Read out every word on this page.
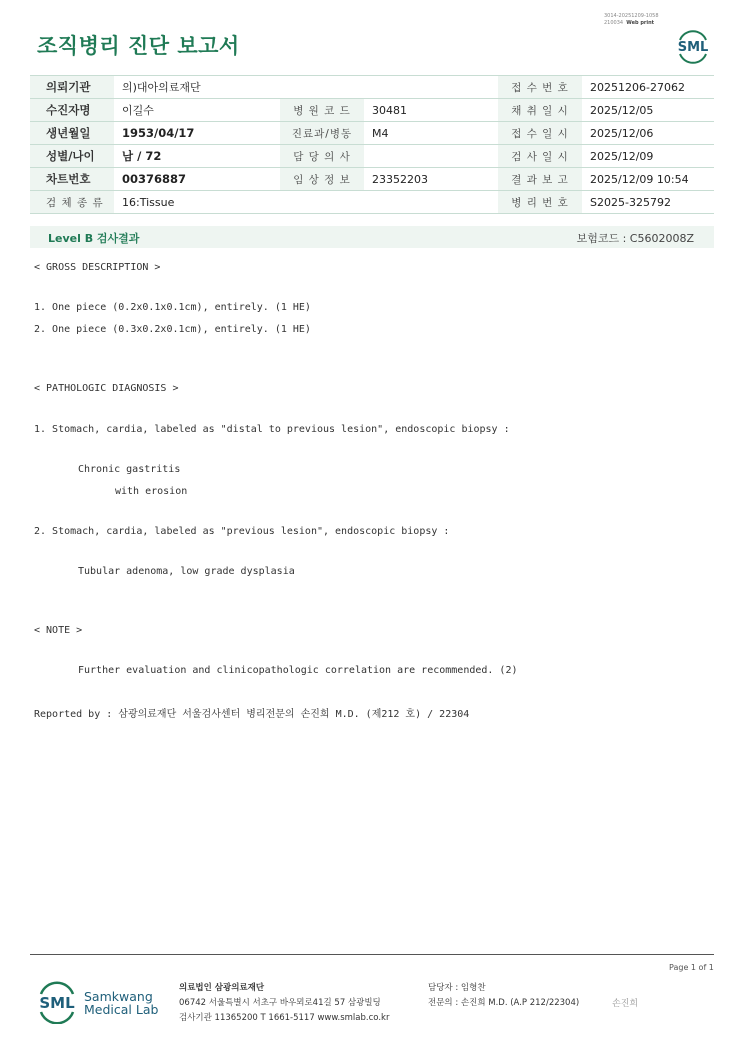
3014-20251209-1058
210034 Web print
조직병리 진단 보고서	SML
의뢰기관	의)대아의료재단			접 수 번 호	20251206-27062
수진자명	이길수	병 원 코 드	30481	채 취 일 시	2025/12/05
생년월일	1953/04/17	진료과/병동	M4	접 수 일 시	2025/12/06
성별/나이	남 / 72	담 당 의 사		검 사 일 시	2025/12/09
차트번호	00376887	임 상 정 보	23352203	결 과 보 고	2025/12/09 10:54
검 체 종 류	16:Tissue			병 리 번 호	S2025-325792
Level B 검사결과	보험코드 : C5602008Z
< GROSS DESCRIPTION >
1. One piece (0.2x0.1x0.1cm), entirely. (1 HE)
2. One piece (0.3x0.2x0.1cm), entirely. (1 HE)
< PATHOLOGIC DIAGNOSIS >
1. Stomach, cardia, labeled as "distal to previous lesion", endoscopic biopsy :
Chronic gastritis
with erosion
2. Stomach, cardia, labeled as "previous lesion", endoscopic biopsy :
Tubular adenoma, low grade dysplasia
< NOTE >
Further evaluation and clinicopathologic correlation are recommended. (2)
Reported by : 삼광의료재단 서울검사센터 병리전문의 손진희 M.D. (제212 호) / 22304
Page 1 of 1
SML Samkwang
Medical Lab
의료법인 삼광의료재단
06742 서울특별시 서초구 바우뫼로41길 57 삼광빌딩
검사기관 11365200 T 1661-5117 www.smlab.co.kr
담당자 : 임형찬
전문의 : 손진희 M.D. (A.P 212/22304)	손진희
